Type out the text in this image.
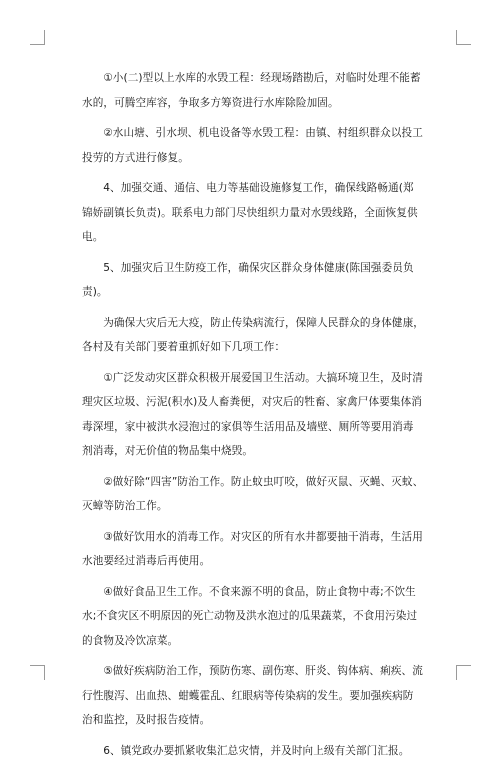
①小(二)型以上水库的水毁工程：经现场踏勘后，对临时处理不能蓄水的，可腾空库容，争取多方筹资进行水库除险加固。

②水山塘、引水坝、机电设备等水毁工程：由镇、村组织群众以投工投劳的方式进行修复。

4、加强交通、通信、电力等基础设施修复工作，确保线路畅通(郑锦娇副镇长负责)。联系电力部门尽快组织力量对水毁线路，全面恢复供电。

5、加强灾后卫生防疫工作，确保灾区群众身体健康(陈国强委员负责)。

为确保大灾后无大疫，防止传染病流行，保障人民群众的身体健康，各村及有关部门要着重抓好如下几项工作：

①广泛发动灾区群众积极开展爱国卫生活动。大搞环境卫生，及时清理灾区垃圾、污泥(积水)及人畜粪便，对灾后的牲畜、家禽尸体要集体消毒深埋，家中被洪水浸泡过的家俱等生活用品及墙壁、厕所等要用消毒剂消毒，对无价值的物品集中烧毁。

②做好除“四害”防治工作。防止蚊虫叮咬，做好灭鼠、灭蝇、灭蚊、灭蟑等防治工作。

③做好饮用水的消毒工作。对灾区的所有水井都要抽干消毒，生活用水池要经过消毒后再使用。

④做好食品卫生工作。不食来源不明的食品，防止食物中毒;不饮生水;不食灾区不明原因的死亡动物及洪水泡过的瓜果蔬菜，不食用污染过的食物及冷饮凉菜。

⑤做好疾病防治工作，预防伤寒、副伤寒、肝炎、钩体病、痢疾、流行性腹泻、出血热、蚶蠖霍乱、红眼病等传染病的发生。要加强疾病防治和监控，及时报告疫情。

6、镇党政办要抓紧收集汇总灾情，并及时向上级有关部门汇报。
